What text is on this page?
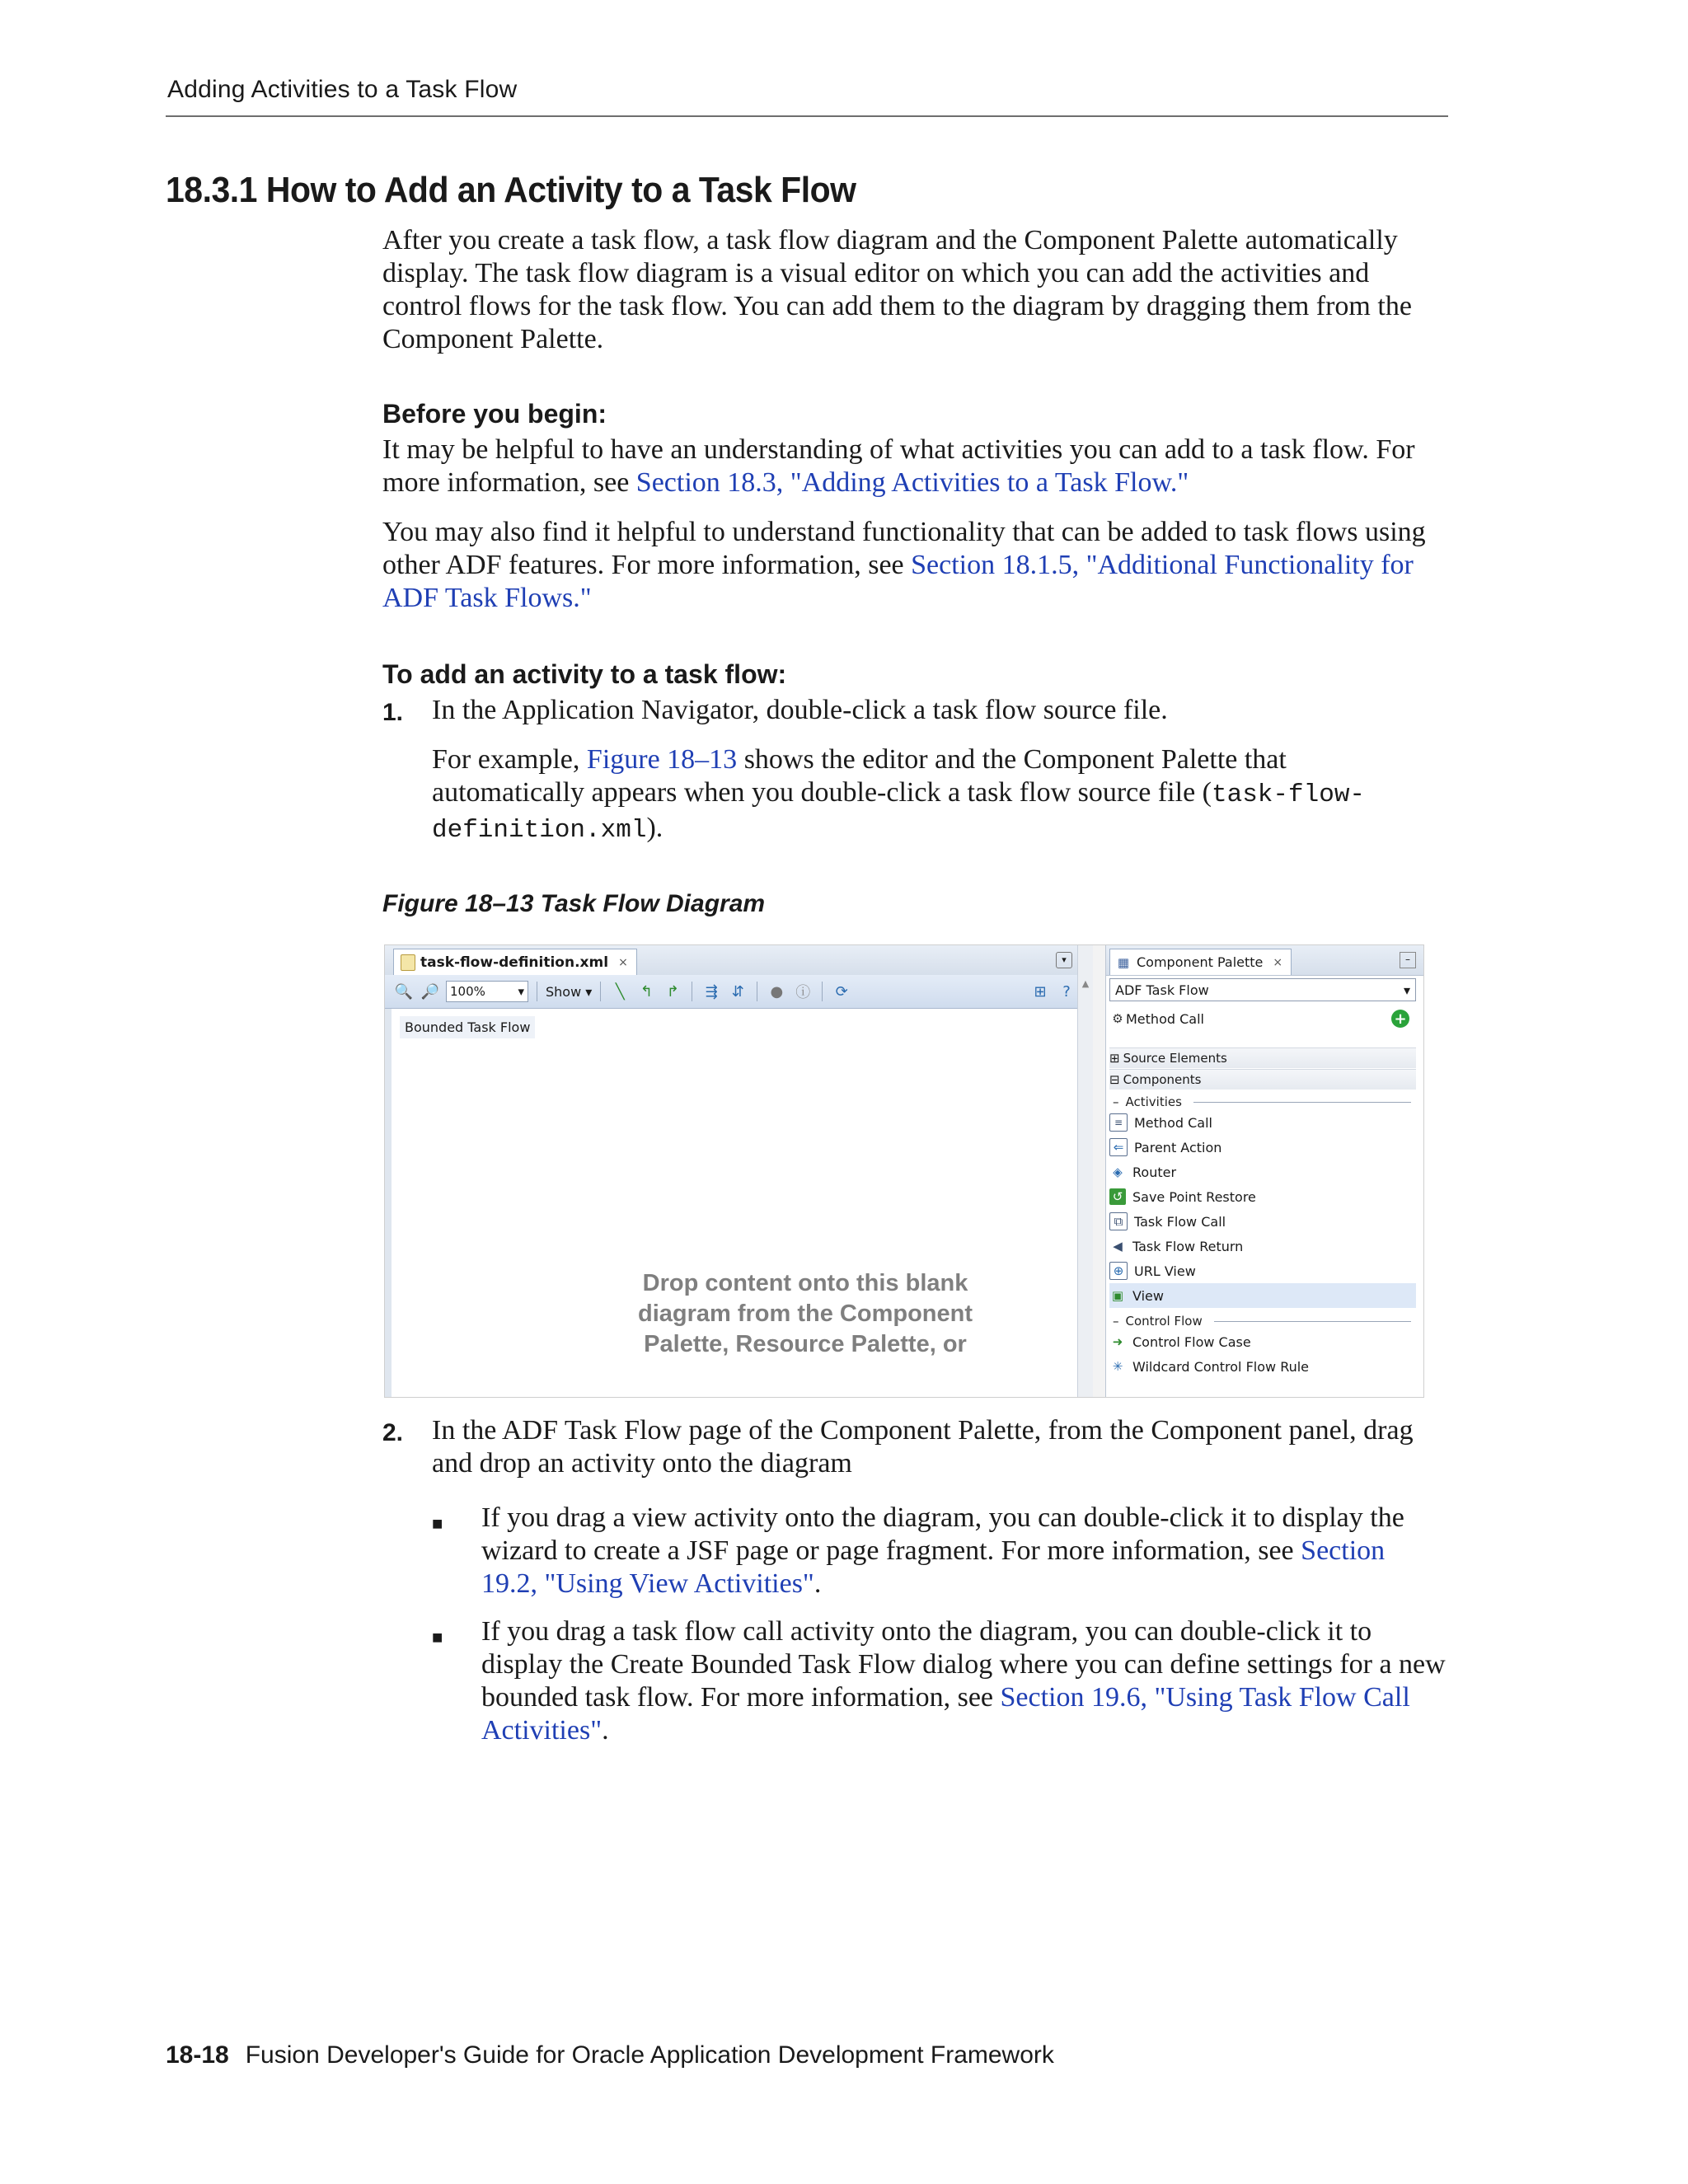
Adding Activities to a Task Flow
18.3.1 How to Add an Activity to a Task Flow
After you create a task flow, a task flow diagram and the Component Palette automatically display. The task flow diagram is a visual editor on which you can add the activities and control flows for the task flow. You can add them to the diagram by dragging them from the Component Palette.
Before you begin:
It may be helpful to have an understanding of what activities you can add to a task flow. For more information, see Section 18.3, "Adding Activities to a Task Flow."
You may also find it helpful to understand functionality that can be added to task flows using other ADF features. For more information, see Section 18.1.5, "Additional Functionality for ADF Task Flows."
To add an activity to a task flow:
1. In the Application Navigator, double-click a task flow source file.
For example, Figure 18–13 shows the editor and the Component Palette that automatically appears when you double-click a task flow source file (task-flow-definition.xml).
Figure 18–13 Task Flow Diagram
task-flow-definition.xml ×	▾
🔍 🔎 100%	▾ Show ▾	╲	↰ ↱	⇶ ⇵	● ⓘ	⟳	⊞	?
Bounded Task Flow
Drop content onto this blank diagram from the Component Palette, Resource Palette, or
▲
▦ Component Palette ×	–
ADF Task Flow	▾
⚙ Method Call	+
⊞ Source Elements
⊟ Components
– Activities
≡ Method Call
⇐ Parent Action
◈ Router
↺ Save Point Restore
⧉ Task Flow Call
◀ Task Flow Return
⊕ URL View
▣ View
– Control Flow
➜ Control Flow Case
✳ Wildcard Control Flow Rule
2. In the ADF Task Flow page of the Component Palette, from the Component panel, drag and drop an activity onto the diagram
■ If you drag a view activity onto the diagram, you can double-click it to display the wizard to create a JSF page or page fragment. For more information, see Section 19.2, "Using View Activities".
■ If you drag a task flow call activity onto the diagram, you can double-click it to display the Create Bounded Task Flow dialog where you can define settings for a new bounded task flow. For more information, see Section 19.6, "Using Task Flow Call Activities".
18-18 Fusion Developer's Guide for Oracle Application Development Framework
